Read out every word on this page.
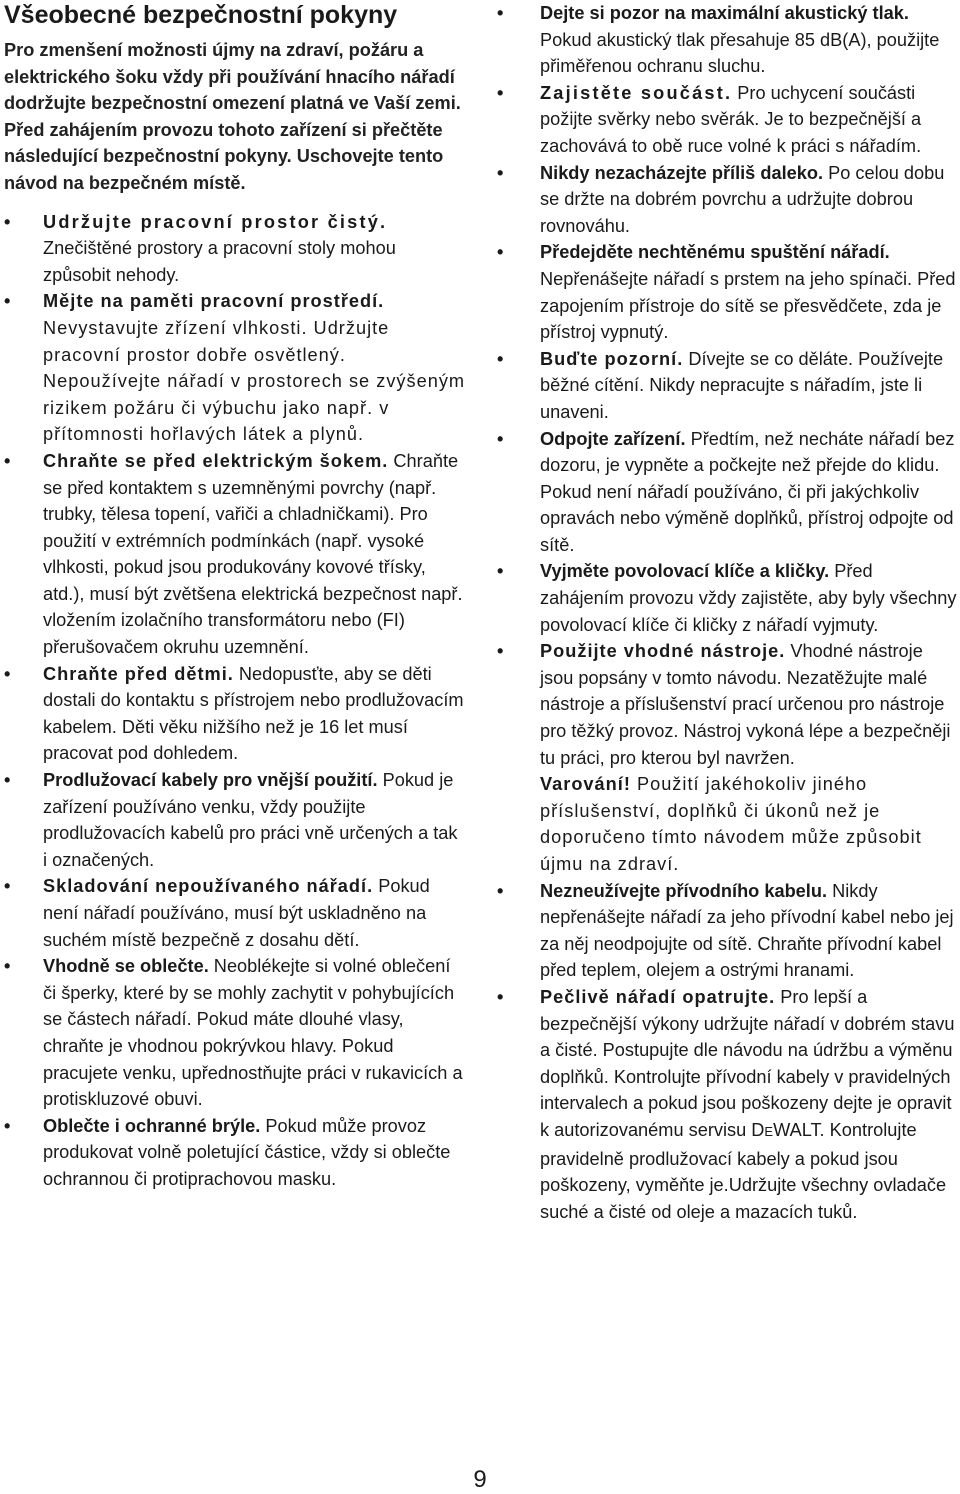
Všeobecné bezpečnostní pokyny

Pro zmenšení možnosti újmy na zdraví, požáru a elektrického šoku vždy při používání hnacího nářadí dodržujte bezpečnostní omezení platná ve Vaší zemi. Před zahájením provozu tohoto zařízení si přečtěte následující bezpečnostní pokyny. Uschovejte tento návod na bezpečném místě.

•	Udržujte pracovní prostor čistý. Znečištěné prostory a pracovní stoly mohou způsobit nehody.
•	Mějte na paměti pracovní prostředí. Nevystavujte zřízení vlhkosti. Udržujte pracovní prostor dobře osvětlený. Nepoužívejte nářadí v prostorech se zvýšeným rizikem požáru či výbuchu jako např. v přítomnosti hořlavých látek a plynů.
•	Chraňte se před elektrickým šokem. Chraňte se před kontaktem s uzemněnými povrchy (např. trubky, tělesa topení, vařiči a chladničkami). Pro použití v extrémních podmínkách (např. vysoké vlhkosti, pokud jsou produkovány kovové třísky, atd.), musí být zvětšena elektrická bezpečnost např. vložením izolačního transformátoru nebo (FI) přerušovačem okruhu uzemnění.
•	Chraňte před dětmi. Nedopusťte, aby se děti dostali do kontaktu s přístrojem nebo prodlužovacím kabelem. Děti věku nižšího než je 16 let musí pracovat pod dohledem.
•	Prodlužovací kabely pro vnější použití. Pokud je zařízení používáno venku, vždy použijte prodlužovacích kabelů pro práci vně určených a tak i označených.
•	Skladování nepoužívaného nářadí. Pokud není nářadí používáno, musí být uskladněno na suchém místě bezpečně z dosahu dětí.
•	Vhodně se oblečte. Neoblékejte si volné oblečení či šperky, které by se mohly zachytit v pohybujících se částech nářadí. Pokud máte dlouhé vlasy, chraňte je vhodnou pokrývkou hlavy. Pokud pracujete venku, upřednostňujte práci v rukavicích a protiskluzové obuvi.
•	Oblečte i ochranné brýle. Pokud může provoz produkovat volně poletující částice, vždy si oblečte ochrannou či protiprachovou masku.
•	Dejte si pozor na maximální akustický tlak. Pokud akustický tlak přesahuje 85 dB(A), použijte přiměřenou ochranu sluchu.
•	Zajistěte součást. Pro uchycení součásti požijte svěrky nebo svěrák. Je to bezpečnější a zachovává to obě ruce volné k práci s nářadím.
•	Nikdy nezacházejte příliš daleko. Po celou dobu se držte na dobrém povrchu a udržujte dobrou rovnováhu.
•	Předejděte nechtěnému spuštění nářadí. Nepřenášejte nářadí s prstem na jeho spínači. Před zapojením přístroje do sítě se přesvědčete, zda je přístroj vypnutý.
•	Buďte pozorní. Dívejte se co děláte. Používejte běžné cítění. Nikdy nepracujte s nářadím, jste li unaveni.
•	Odpojte zařízení. Předtím, než necháte nářadí bez dozoru, je vypněte a počkejte než přejde do klidu. Pokud není nářadí používáno, či při jakýchkoliv opravách nebo výměně doplňků, přístroj odpojte od sítě.
•	Vyjměte povolovací klíče a kličky. Před zahájením provozu vždy zajistěte, aby byly všechny povolovací klíče či kličky z nářadí vyjmuty.
•	Použijte vhodné nástroje. Vhodné nástroje jsou popsány v tomto návodu. Nezatěžujte malé nástroje a příslušenství prací určenou pro nástroje pro těžký provoz. Nástroj vykoná lépe a bezpečněji tu práci, pro kterou byl navržen.
Varování! Použití jakéhokoliv jiného příslušenství, doplňků či úkonů než je doporučeno tímto návodem může způsobit újmu na zdraví.
•	Nezneužívejte přívodního kabelu. Nikdy nepřenášejte nářadí za jeho přívodní kabel nebo jej za něj neodpojujte od sítě. Chraňte přívodní kabel před teplem, olejem a ostrými hranami.
•	Pečlivě nářadí opatrujte. Pro lepší a bezpečnější výkony udržujte nářadí v dobrém stavu a čisté. Postupujte dle návodu na údržbu a výměnu doplňků. Kontrolujte přívodní kabely v pravidelných intervalech a pokud jsou poškozeny dejte je opravit k autorizovanému servisu DEWALT. Kontrolujte pravidelně prodlužovací kabely a pokud jsou poškozeny, vyměňte je.Udržujte všechny ovladače suché a čisté od oleje a mazacích tuků.
9
